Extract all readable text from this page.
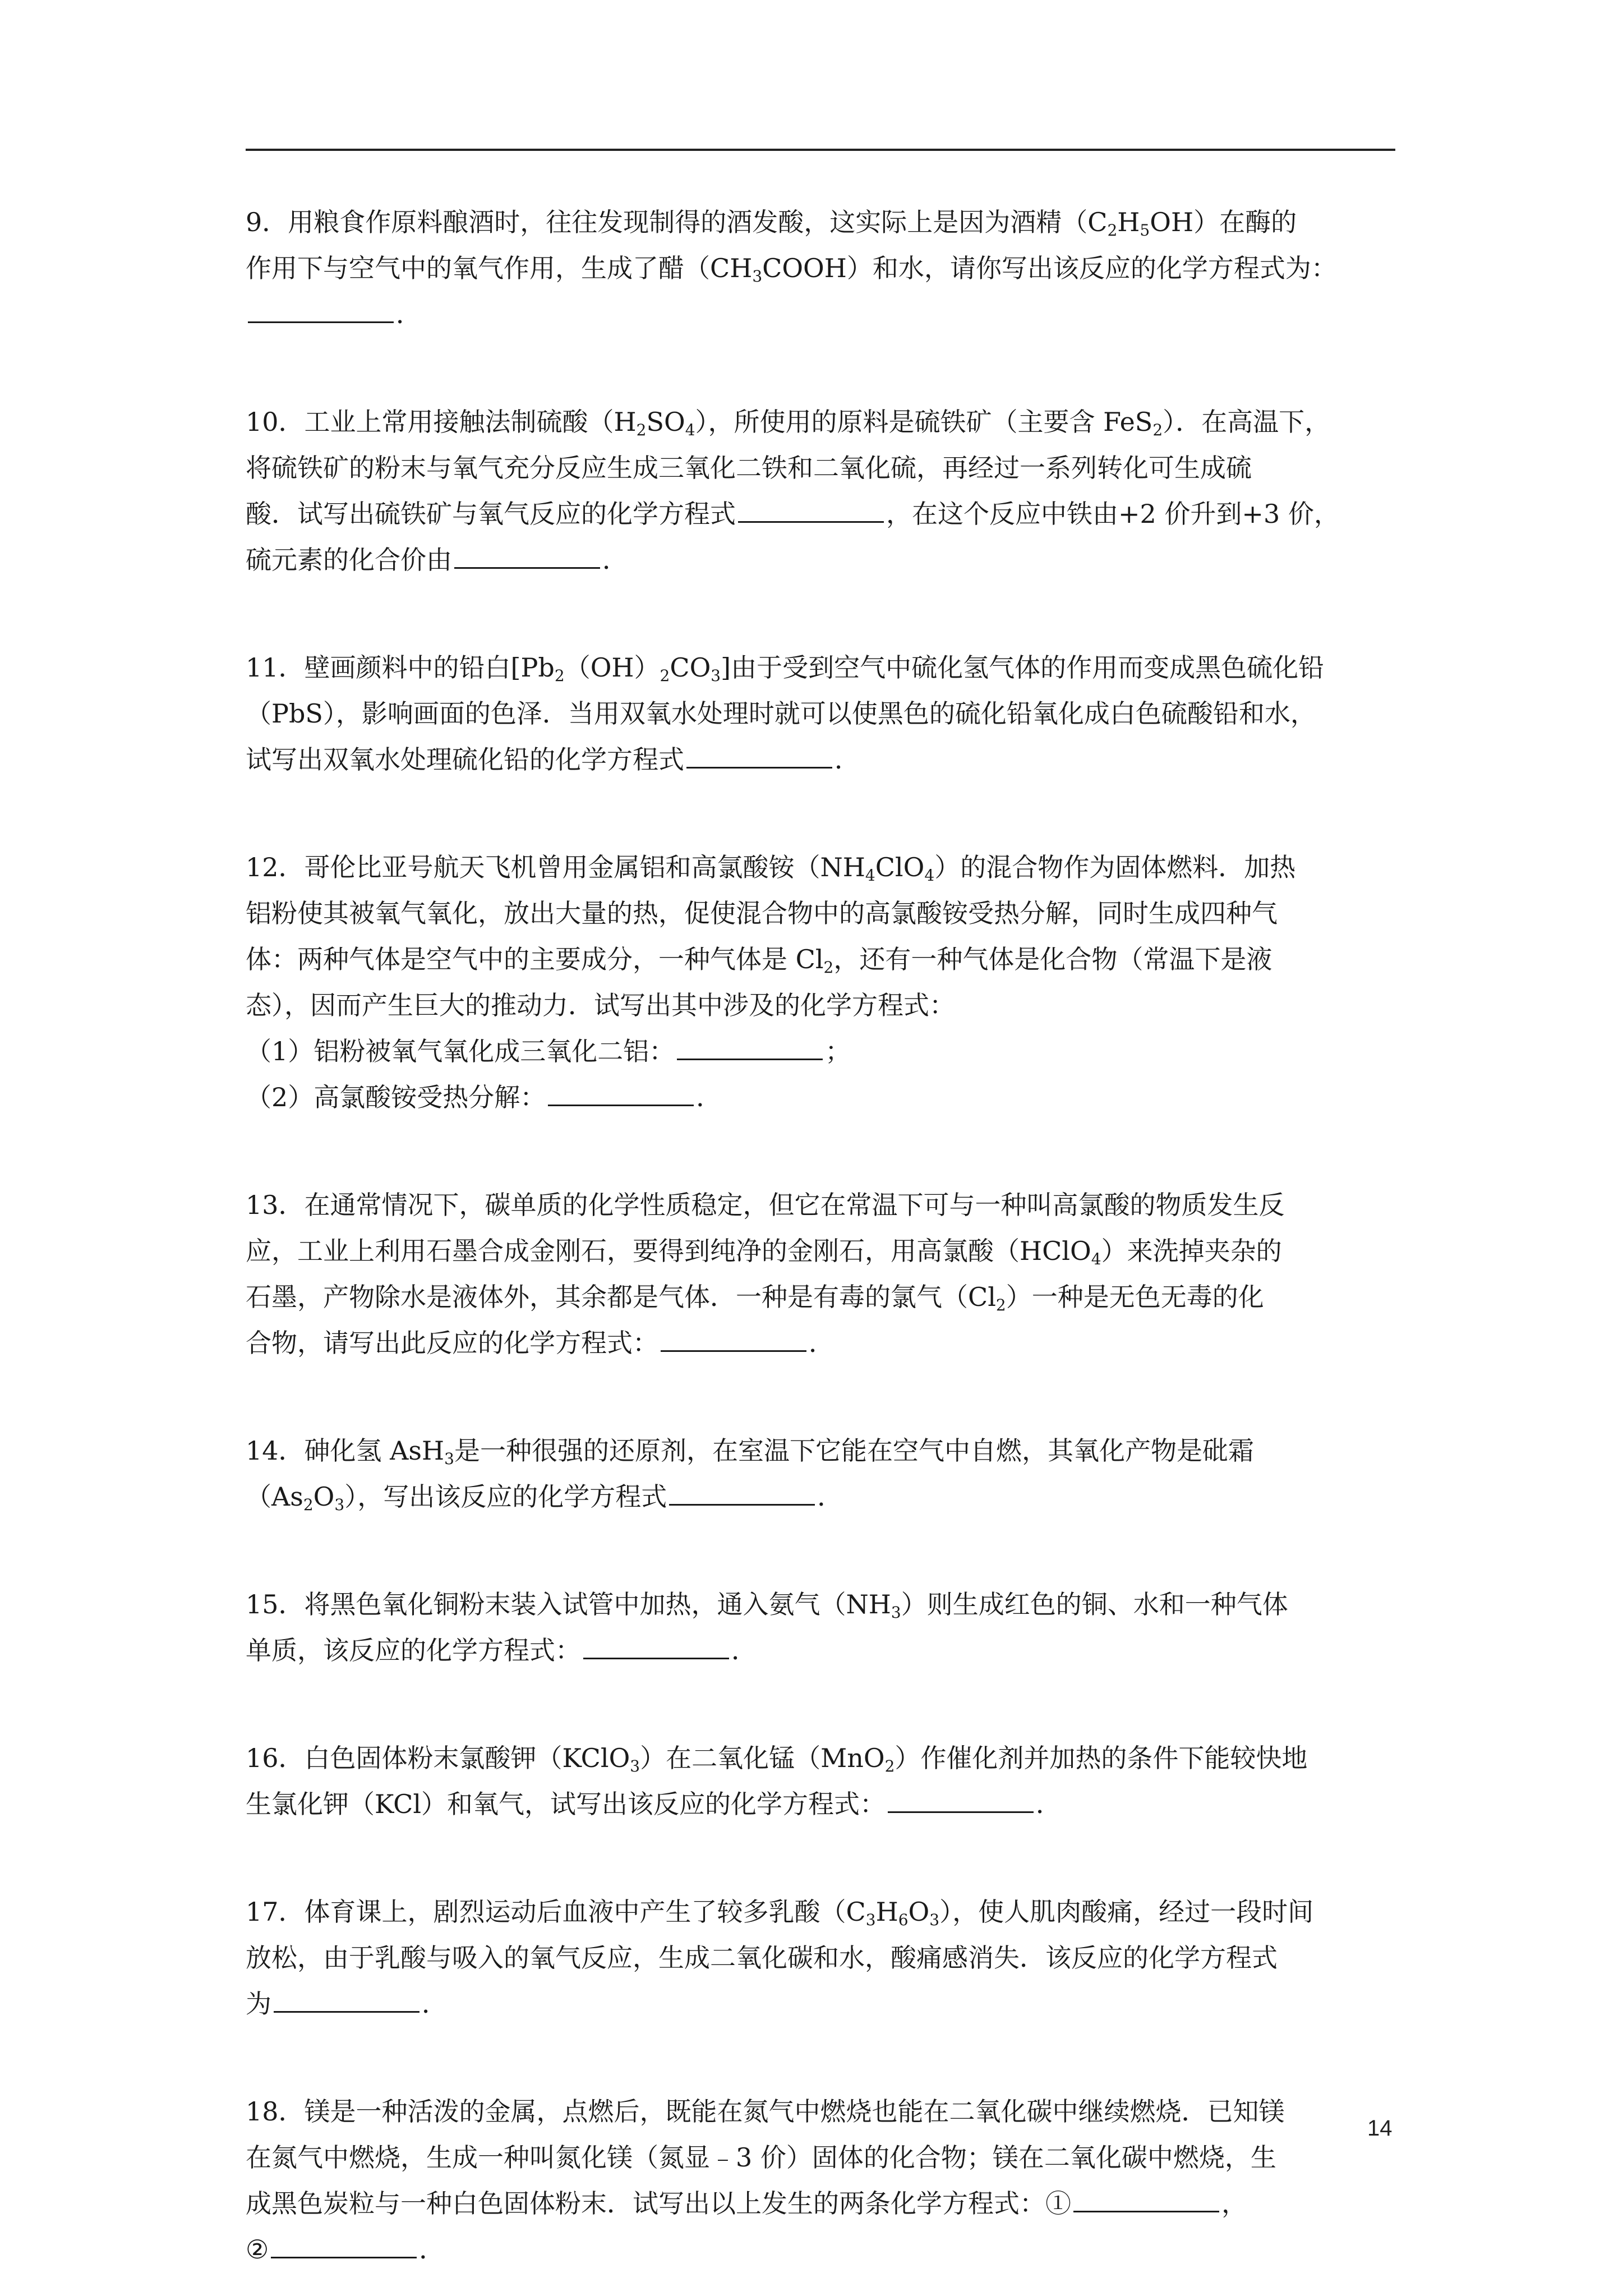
9．用粮食作原料酿酒时，往往发现制得的酒发酸，这实际上是因为酒精$(C_2H_5OH)$在酶的
作用下与空气中的氧气作用，生成了醋$(CH_3COOH)$和水，请你写出该反应的化学方程式为：
．
10．工业上常用接触法制硫酸$(H_2SO_4)$，所使用的原料是硫铁矿（主要含 FeS$_2$）．在高温下，
将硫铁矿的粉末与氧气充分反应生成三氧化二铁和二氧化硫，再经过一系列转化可生成硫
酸．试写出硫铁矿与氧气反应的化学方程式	，在这个反应中铁由+2 价升到+3 价，
硫元素的化合价由	．
11．壁画颜料中的铅白$[Pb_2(OH)_2CO_3]$由于受到空气中硫化氢气体的作用而变成黑色硫化铅
（PbS），影响画面的色泽．当用双氧水处理时就可以使黑色的硫化铅氧化成白色硫酸铅和水，
试写出双氧水处理硫化铅的化学方程式	．
12．哥伦比亚号航天飞机曾用金属铝和高氯酸铵$(NH_4ClO_4)$的混合物作为固体燃料．加热
铝粉使其被氧气氧化，放出大量的热，促使混合物中的高氯酸铵受热分解，同时生成四种气
体：两种气体是空气中的主要成分，一种气体是 $Cl_2$，还有一种气体是化合物（常温下是液
态），因而产生巨大的推动力．试写出其中涉及的化学方程式：
（1）铝粉被氧气氧化成三氧化二铝：	；
（2）高氯酸铵受热分解：	．
13．在通常情况下，碳单质的化学性质稳定，但它在常温下可与一种叫高氯酸的物质发生反
应，工业上利用石墨合成金刚石，要得到纯净的金刚石，用高氯酸（HClO$_4$）来洗掉夹杂的
石墨，产物除水是液体外，其余都是气体．一种是有毒的氯气$(Cl_2)$一种是无色无毒的化
合物，请写出此反应的化学方程式：	．
14．砷化氢 AsH$_3$是一种很强的还原剂，在室温下它能在空气中自燃，其氧化产物是砒霜
$(As_2O_3)$，写出该反应的化学方程式	．
15．将黑色氧化铜粉末装入试管中加热，通入氨气$(NH_3)$则生成红色的铜、水和一种气体
单质，该反应的化学方程式：	．
16．白色固体粉末氯酸钾（KClO$_3$）在二氧化锰（MnO$_2$）作催化剂并加热的条件下能较快地
生氯化钾（KCl）和氧气，试写出该反应的化学方程式：	．
17．体育课上，剧烈运动后血液中产生了较多乳酸$(C_3H_6O_3)$，使人肌肉酸痛，经过一段时间
放松，由于乳酸与吸入的氧气反应，生成二氧化碳和水，酸痛感消失．该反应的化学方程式
为	．
18．镁是一种活泼的金属，点燃后，既能在氮气中燃烧也能在二氧化碳中继续燃烧．已知镁
在氮气中燃烧，生成一种叫氮化镁（氮显﹣3 价）固体的化合物；镁在二氧化碳中燃烧，生
成黑色炭粒与一种白色固体粉末．试写出以上发生的两条化学方程式：①	，
②	．
14
